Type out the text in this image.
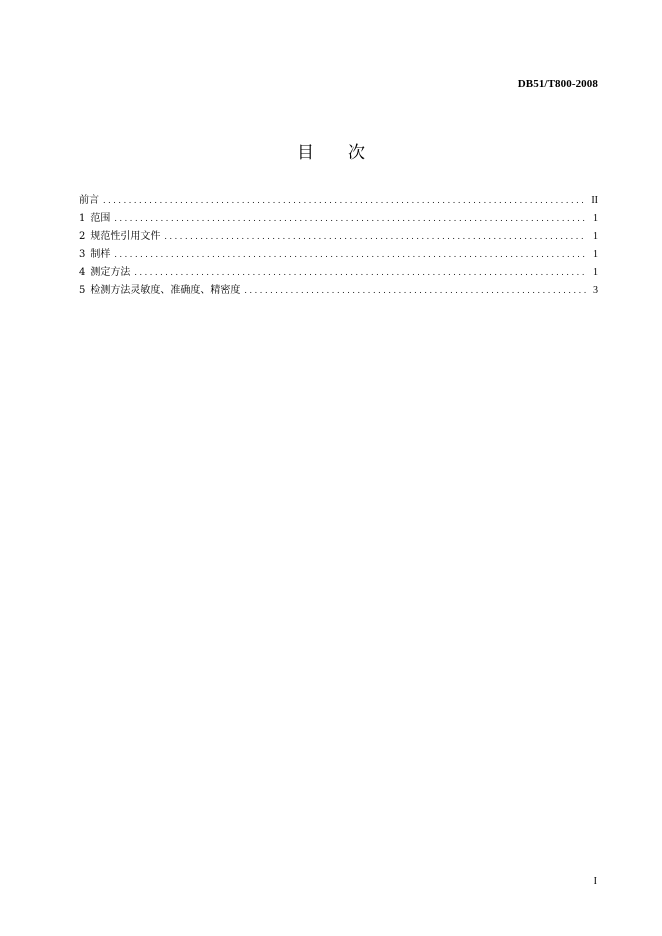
DB51/T800-2008
目 次
前言 .....	II
1 范围 .....	1
2 规范性引用文件 .....	1
3 制样 .....	1
4 测定方法 .....	1
5 检测方法灵敏度、准确度、精密度 .....	3
I
